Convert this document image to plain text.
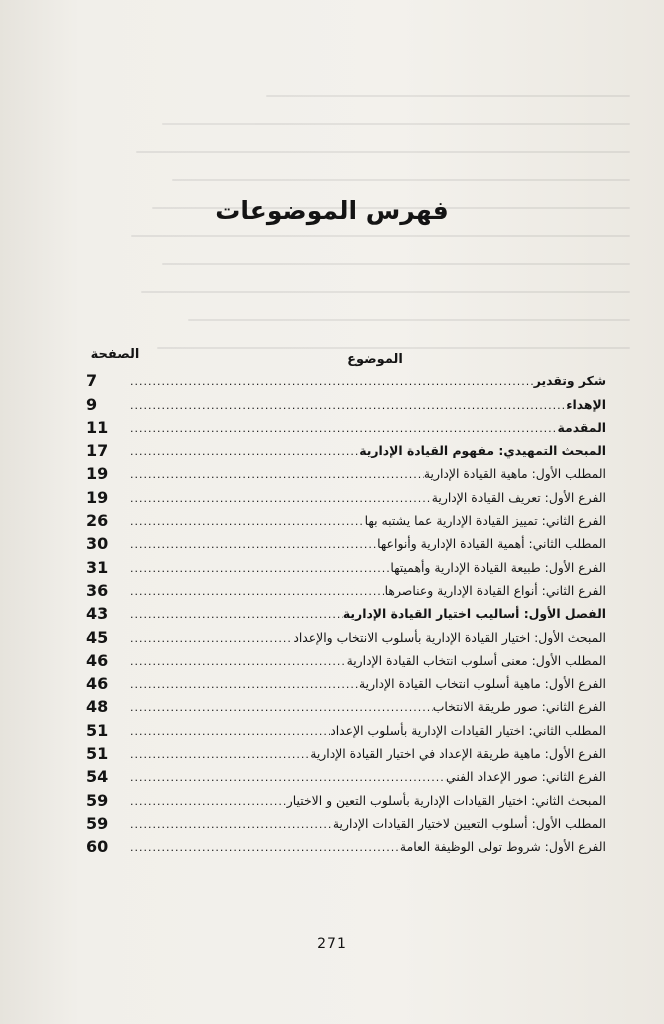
فهرس الموضوعات
الموضوع
الصفحة
شكر وتقدير
.....
7
الإهداء
.....
9
المقدمة
.....
11
المبحث التمهيدي: مفهوم القيادة الإدارية
.....
17
المطلب الأول: ماهية القيادة الإدارية
.....
19
الفرع الأول: تعريف القيادة الإدارية
.....
19
الفرع الثاني: تمييز القيادة الإدارية عما يشتبه بها
.....
26
المطلب الثاني: أهمية القيادة الإدارية وأنواعها
.....
30
الفرع الأول: طبيعة القيادة الإدارية وأهميتها
.....
31
الفرع الثاني: أنواع القيادة الإدارية وعناصرها
.....
36
الفصل الأول: أساليب اختيار القيادة الإدارية
.....
43
المبحث الأول: اختيار القيادة الإدارية بأسلوب الانتخاب والإعداد
.....
45
المطلب الأول: معنى أسلوب انتخاب القيادة الإدارية
.....
46
الفرع الأول: ماهية أسلوب انتخاب القيادة الإدارية
.....
46
الفرع الثاني: صور طريقة الانتخاب
.....
48
المطلب الثاني: اختيار القيادات الإدارية بأسلوب الإعداد
.....
51
الفرع الأول: ماهية طريقة الإعداد في اختيار القيادة الإدارية
.....
51
الفرع الثاني: صور الإعداد الفني
.....
54
المبحث الثاني: اختيار القيادات الإدارية بأسلوب التعين و الاختيار
.....
59
المطلب الأول: أسلوب التعيين لاختيار القيادات الإدارية
.....
59
الفرع الأول: شروط تولى الوظيفة العامة
.....
60
271
